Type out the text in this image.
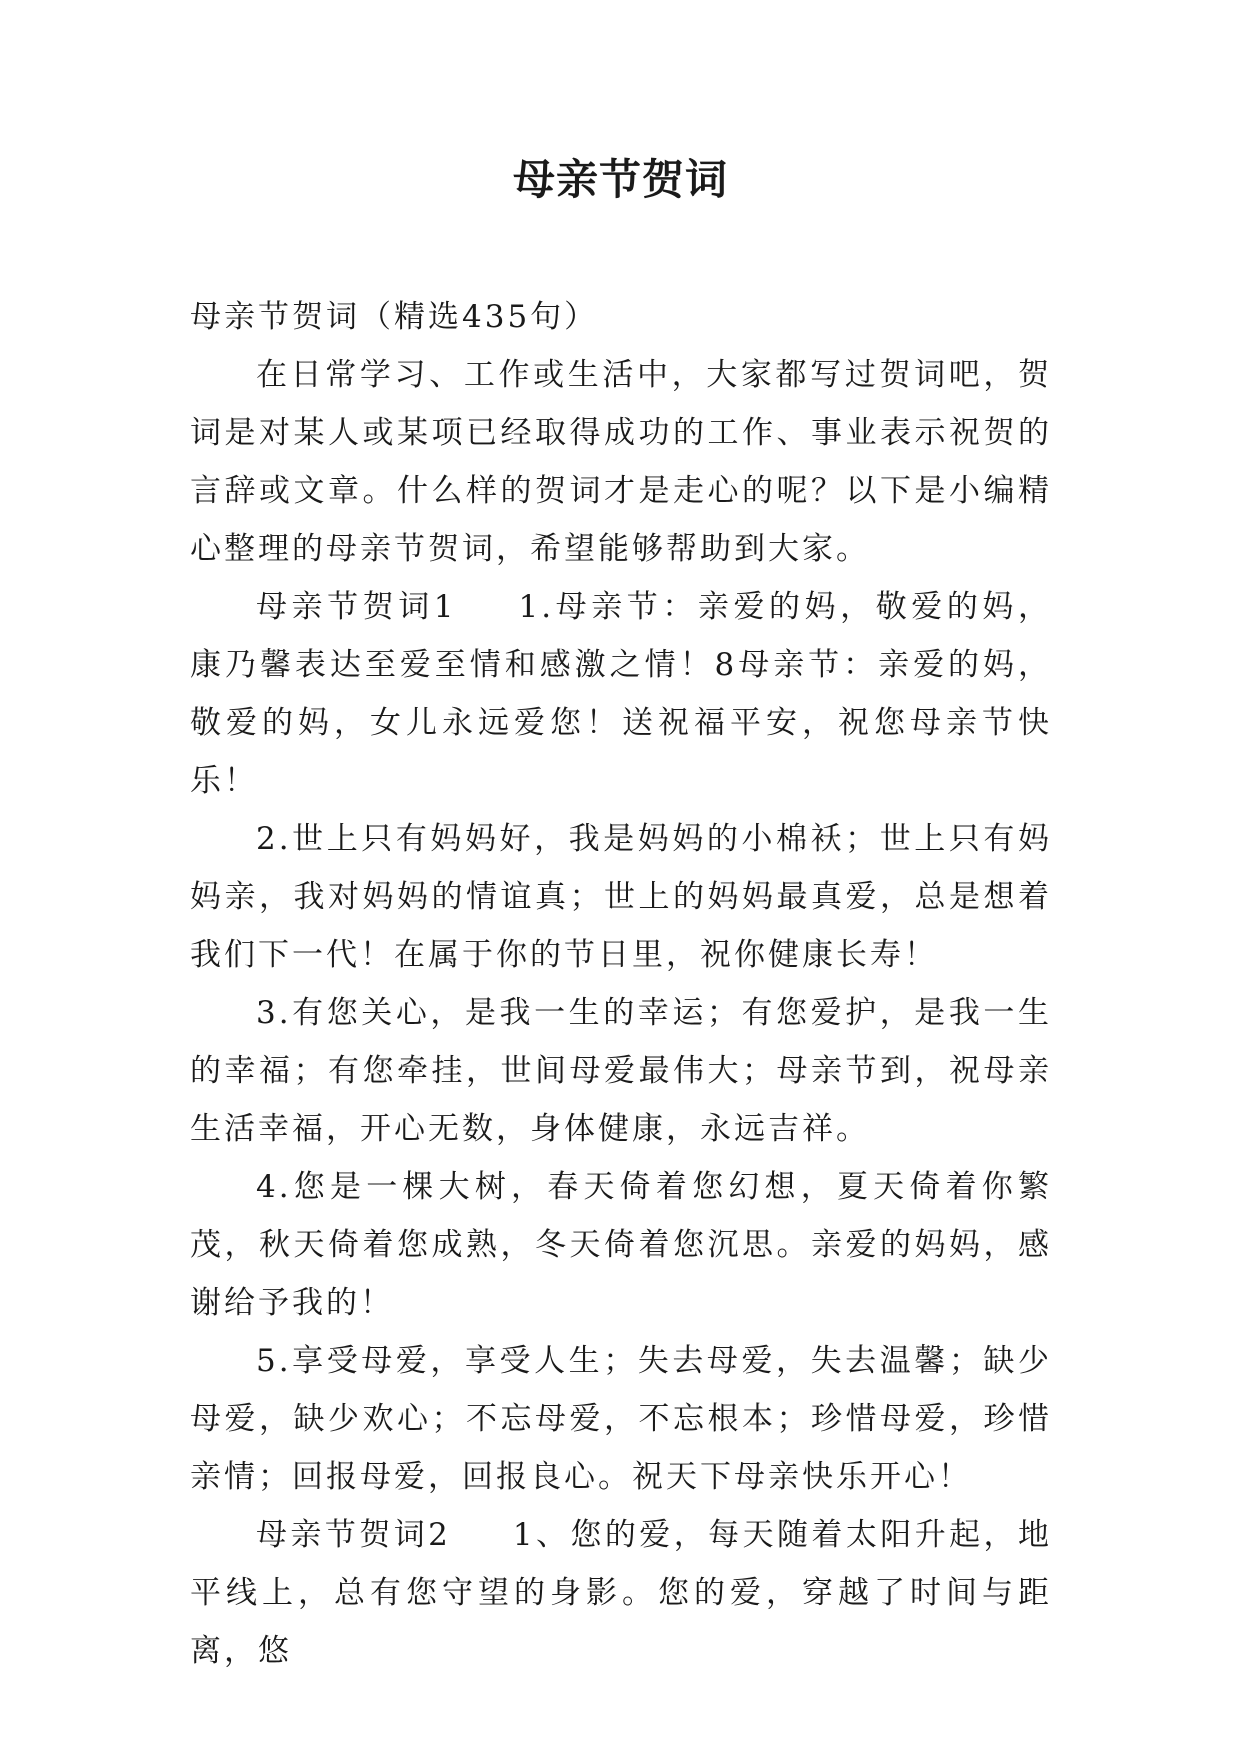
母亲节贺词

母亲节贺词（精选435句）

在日常学习、工作或生活中，大家都写过贺词吧，贺词是对某人或某项已经取得成功的工作、事业表示祝贺的言辞或文章。什么样的贺词才是走心的呢？以下是小编精心整理的母亲节贺词，希望能够帮助到大家。

母亲节贺词1 1.母亲节：亲爱的妈，敬爱的妈，康乃馨表达至爱至情和感激之情！8母亲节：亲爱的妈，敬爱的妈，女儿永远爱您！送祝福平安，祝您母亲节快乐！

2.世上只有妈妈好，我是妈妈的小棉袄；世上只有妈妈亲，我对妈妈的情谊真；世上的妈妈最真爱，总是想着我们下一代！在属于你的节日里，祝你健康长寿！

3.有您关心，是我一生的幸运；有您爱护，是我一生的幸福；有您牵挂，世间母爱最伟大；母亲节到，祝母亲生活幸福，开心无数，身体健康，永远吉祥。

4.您是一棵大树，春天倚着您幻想，夏天倚着你繁茂，秋天倚着您成熟，冬天倚着您沉思。亲爱的妈妈，感谢给予我的！

5.享受母爱，享受人生；失去母爱，失去温馨；缺少母爱，缺少欢心；不忘母爱，不忘根本；珍惜母爱，珍惜亲情；回报母爱，回报良心。祝天下母亲快乐开心！

母亲节贺词2 1、您的爱，每天随着太阳升起，地平线上，总有您守望的身影。您的爱，穿越了时间与距离，悠
